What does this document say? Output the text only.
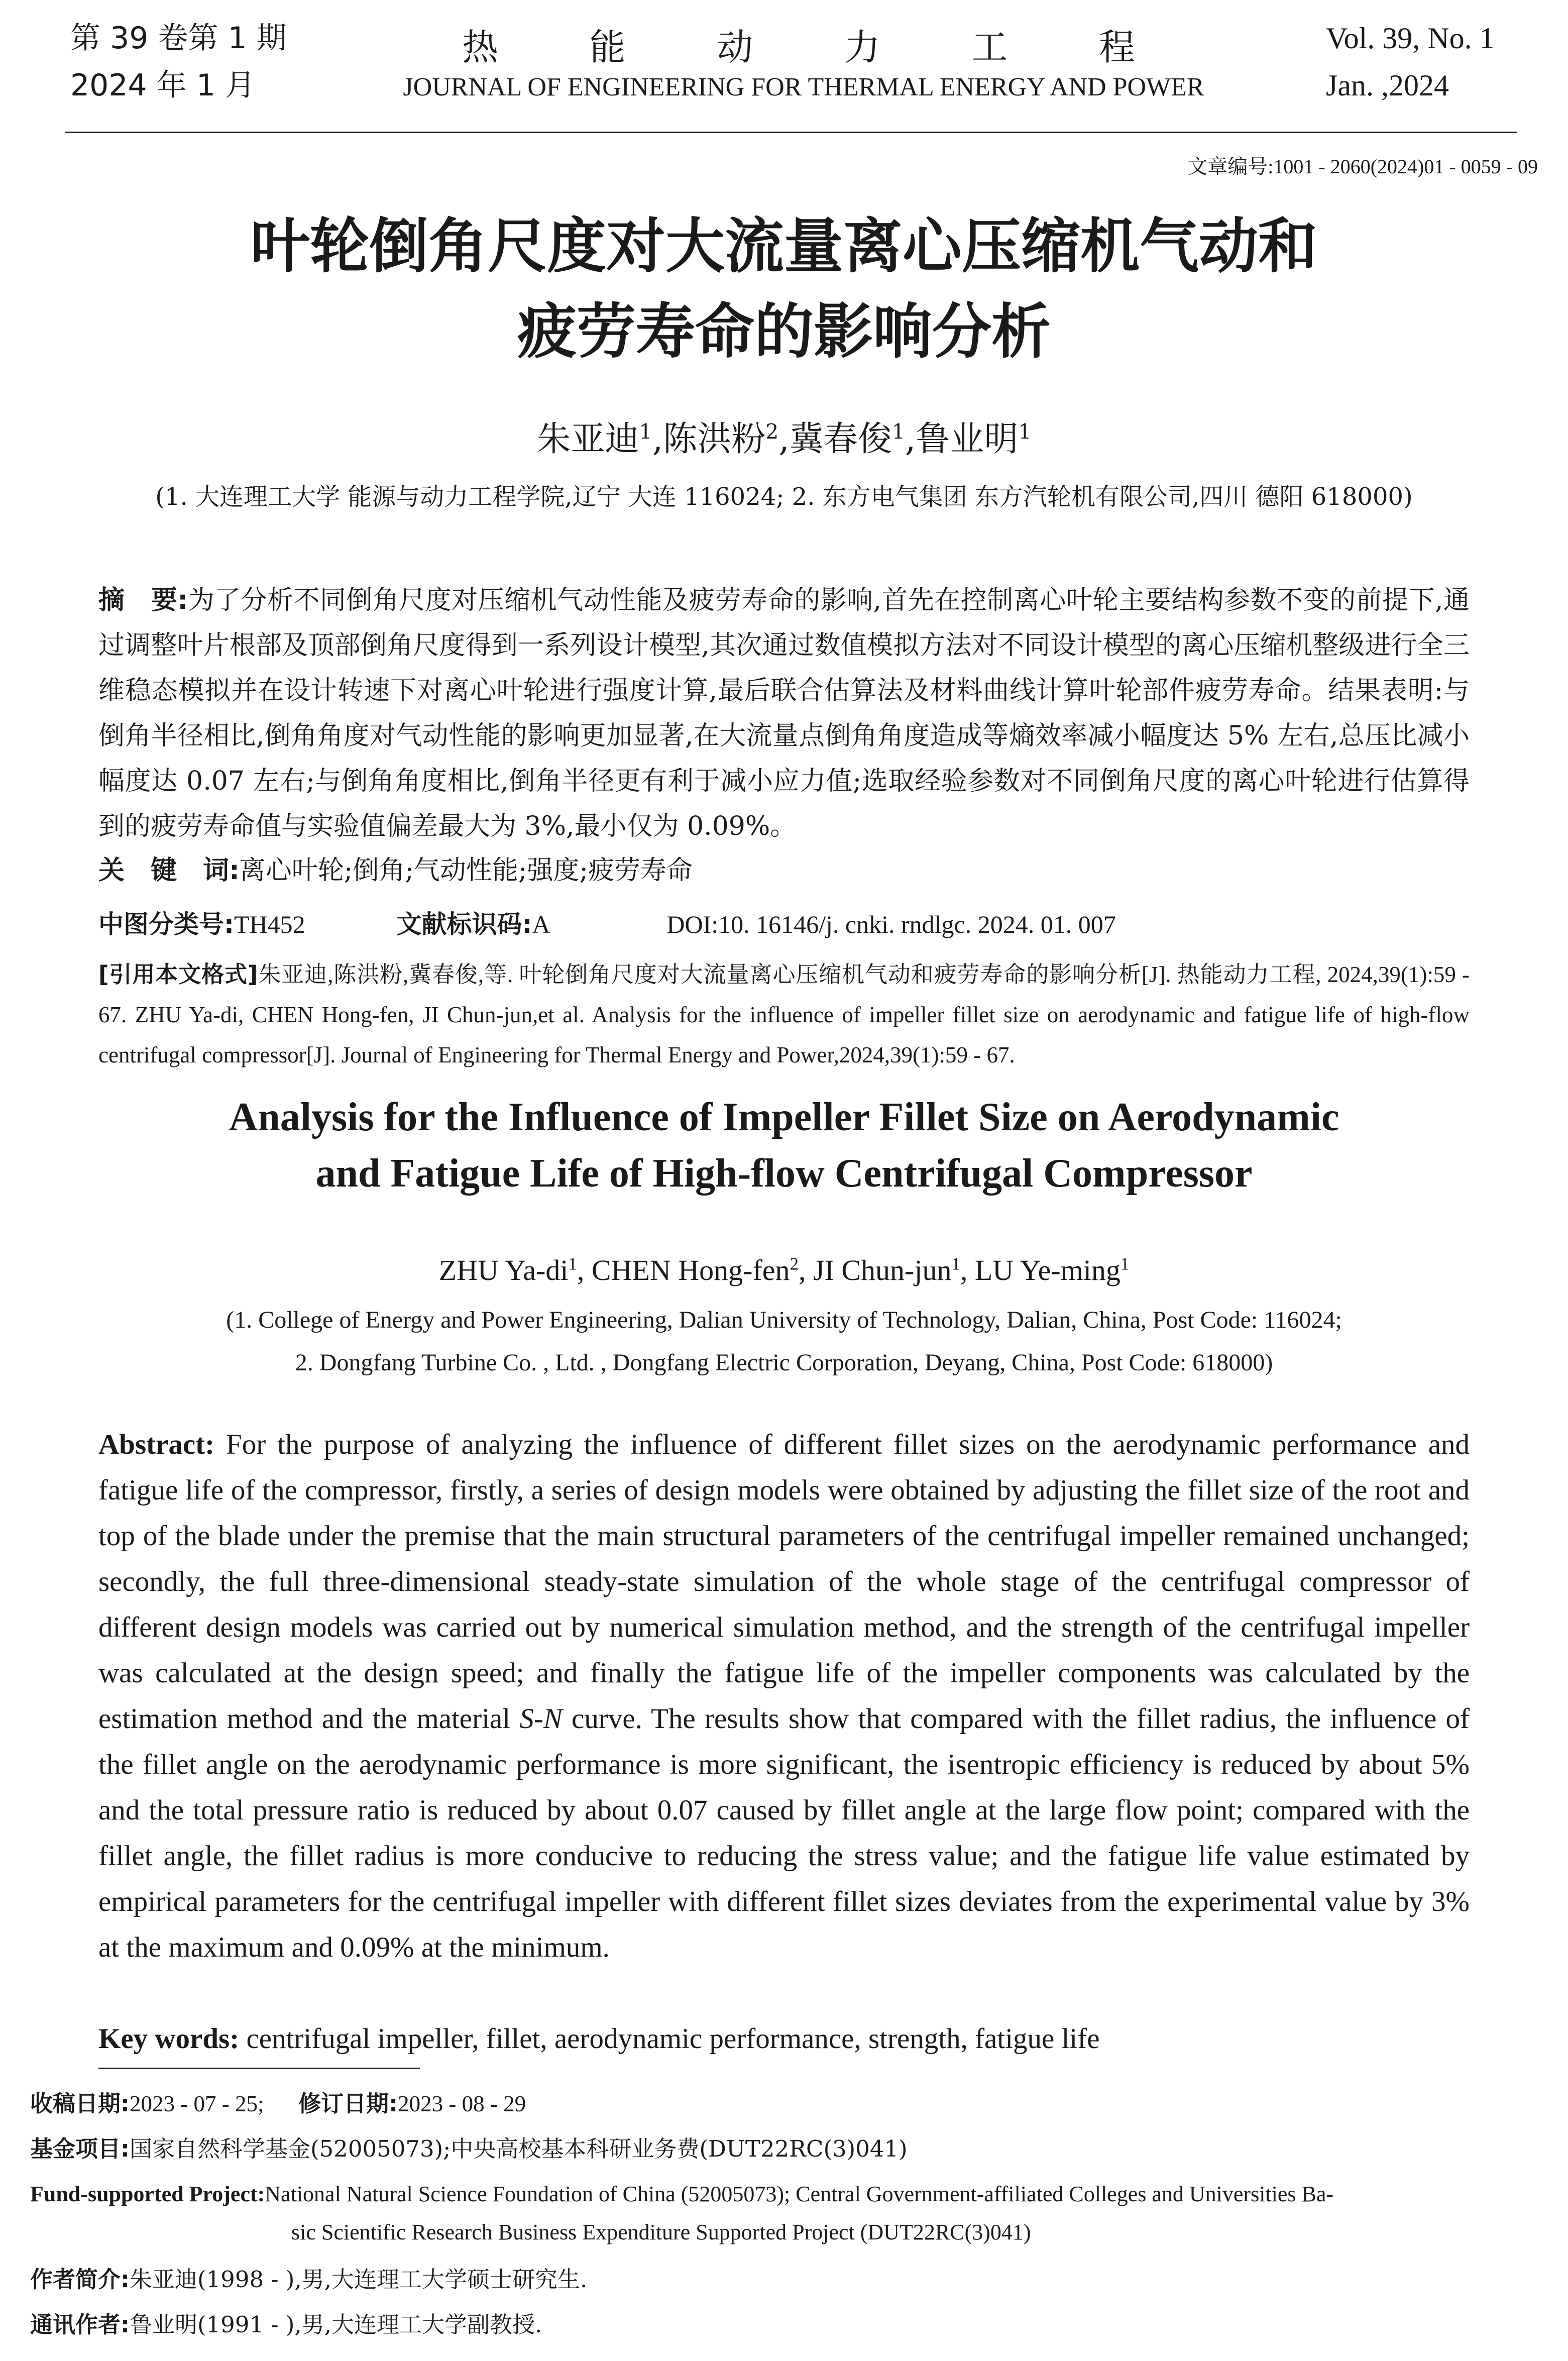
第 39 卷第 1 期
2024 年 1 月
热	能	动	力	工	程
JOURNAL OF ENGINEERING FOR THERMAL ENERGY AND POWER
Vol. 39, No. 1
Jan. ,2024
文章编号:1001 - 2060(2024)01 - 0059 - 09
叶轮倒角尺度对大流量离心压缩机气动和
疲劳寿命的影响分析
朱亚迪$^1$,陈洪粉$^2$,冀春俊$^1$,鲁业明$^1$
(1. 大连理工大学 能源与动力工程学院,辽宁 大连 116024; 2. 东方电气集团 东方汽轮机有限公司,四川 德阳 618000)
摘　要:为了分析不同倒角尺度对压缩机气动性能及疲劳寿命的影响,首先在控制离心叶轮主要结构参数不变的前提下,通过调整叶片根部及顶部倒角尺度得到一系列设计模型,其次通过数值模拟方法对不同设计模型的离心压缩机整级进行全三维稳态模拟并在设计转速下对离心叶轮进行强度计算,最后联合估算法及材料曲线计算叶轮部件疲劳寿命。结果表明:与倒角半径相比,倒角角度对气动性能的影响更加显著,在大流量点倒角角度造成等熵效率减小幅度达 5% 左右,总压比减小幅度达 0.07 左右;与倒角角度相比,倒角半径更有利于减小应力值;选取经验参数对不同倒角尺度的离心叶轮进行估算得到的疲劳寿命值与实验值偏差最大为 3%,最小仅为 0.09%。
关　键　词:离心叶轮;倒角;气动性能;强度;疲劳寿命
中图分类号:TH452	文献标识码:A	DOI:10. 16146/j. cnki. rndlgc. 2024. 01. 007
[引用本文格式]朱亚迪,陈洪粉,冀春俊,等. 叶轮倒角尺度对大流量离心压缩机气动和疲劳寿命的影响分析[J]. 热能动力工程, 2024,39(1):59 - 67. ZHU Ya-di, CHEN Hong-fen, JI Chun-jun,et al. Analysis for the influence of impeller fillet size on aerodynamic and fatigue life of high-flow centrifugal compressor[J]. Journal of Engineering for Thermal Energy and Power,2024,39(1):59 - 67.
Analysis for the Influence of Impeller Fillet Size on Aerodynamic
and Fatigue Life of High-flow Centrifugal Compressor
ZHU $Ya-di^1$, CHEN Hong-fen$^2$, JI Chun-jun$^1$, LU Ye-ming$^1$
(1. College of Energy and Power Engineering, Dalian University of Technology, Dalian, China, Post Code: 116024;
2. Dongfang Turbine Co. , Ltd. , Dongfang Electric Corporation, Deyang, China, Post Code: 618000)
Abstract: For the purpose of analyzing the influence of different fillet sizes on the aerodynamic performance and fatigue life of the compressor, firstly, a series of design models were obtained by adjusting the fillet size of the root and top of the blade under the premise that the main structural parameters of the centrifugal impeller remained unchanged; secondly, the full three-dimensional steady-state simulation of the whole stage of the centrifugal compressor of different design models was carried out by numerical simulation method, and the strength of the centrifugal impeller was calculated at the design speed; and finally the fatigue life of the impeller components was calculated by the estimation method and the material S-N curve. The results show that compared with the fillet radius, the influence of the fillet angle on the aerodynamic performance is more significant, the isentropic efficiency is reduced by about 5% and the total pressure ratio is reduced by about 0.07 caused by fillet angle at the large flow point; compared with the fillet angle, the fillet radius is more conducive to reducing the stress value; and the fatigue life value estimated by empirical parameters for the centrifugal impeller with different fillet sizes deviates from the experimental value by 3% at the maximum and 0.09% at the minimum.
Key words: centrifugal impeller, fillet, aerodynamic performance, strength, fatigue life
收稿日期:2023 - 07 - 25; 修订日期:2023 - 08 - 29
基金项目:国家自然科学基金(52005073);中央高校基本科研业务费(DUT22RC(3)041)
Fund-supported Project:National Natural Science Foundation of China (52005073); Central Government-affiliated Colleges and Universities Ba-
sic Scientific Research Business Expenditure Supported Project (DUT22RC(3)041)
作者简介:朱亚迪(1998 - ),男,大连理工大学硕士研究生.
通讯作者:鲁业明(1991 - ),男,大连理工大学副教授.
